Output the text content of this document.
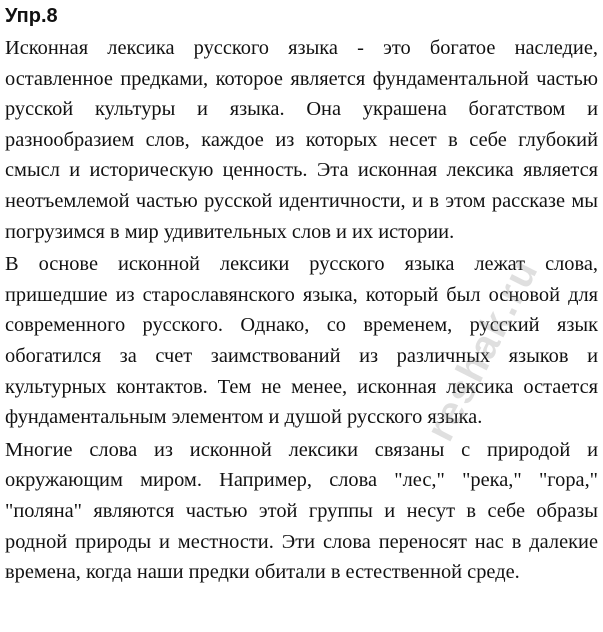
Упр.8

Исконная лексика русского языка - это богатое наследие, оставленное предками, которое является фундаментальной частью русской культуры и языка. Она украшена богатством и разнообразием слов, каждое из которых несет в себе глубокий смысл и историческую ценность. Эта исконная лексика является неотъемлемой частью русской идентичности, и в этом рассказе мы погрузимся в мир удивительных слов и их истории.

В основе исконной лексики русского языка лежат слова, пришедшие из старославянского языка, который был основой для современного русского. Однако, со временем, русский язык обогатился за счет заимствований из различных языков и культурных контактов. Тем не менее, исконная лексика остается фундаментальным элементом и душой русского языка.

Многие слова из исконной лексики связаны с природой и окружающим миром. Например, слова "лес," "река," "гора," "поляна" являются частью этой группы и несут в себе образы родной природы и местности. Эти слова переносят нас в далекие времена, когда наши предки обитали в естественной среде.

reshak.ru
